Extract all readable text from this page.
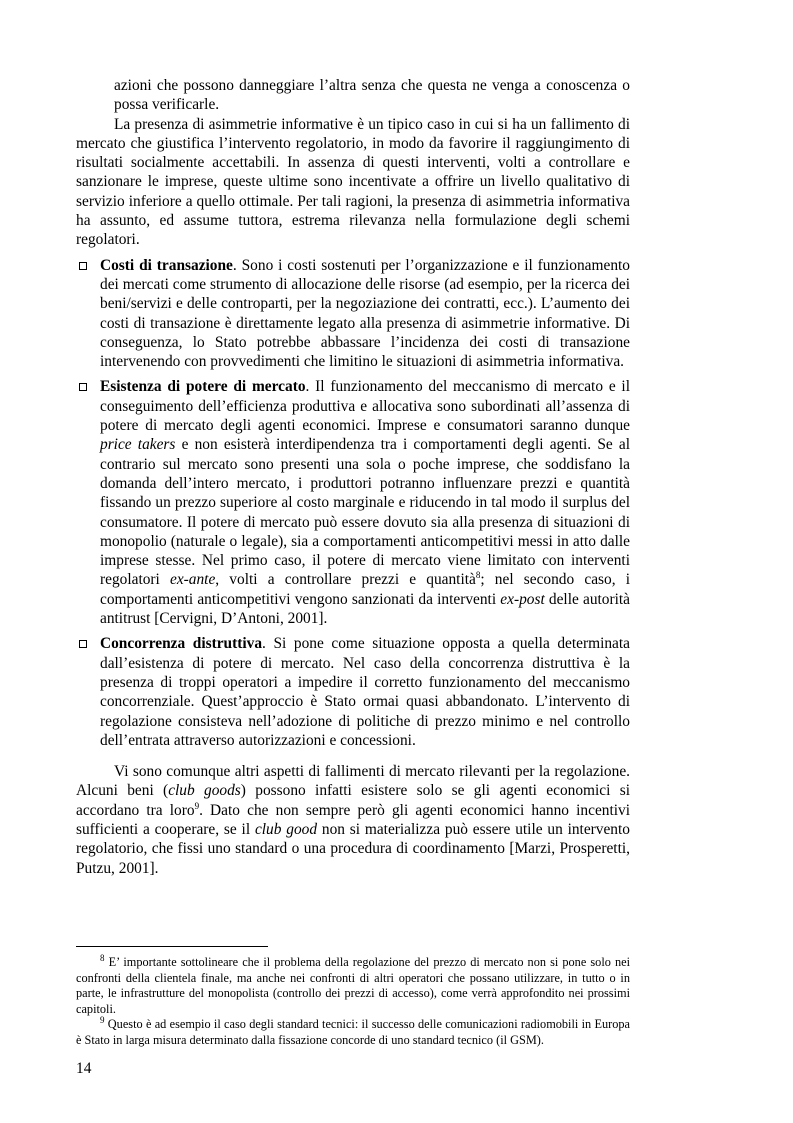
azioni che possono danneggiare l’altra senza che questa ne venga a conoscenza o possa verificarle.

La presenza di asimmetrie informative è un tipico caso in cui si ha un fallimento di mercato che giustifica l’intervento regolatorio, in modo da favorire il raggiungimento di risultati socialmente accettabili. In assenza di questi interventi, volti a controllare e sanzionare le imprese, queste ultime sono incentivate a offrire un livello qualitativo di servizio inferiore a quello ottimale. Per tali ragioni, la presenza di asimmetria informativa ha assunto, ed assume tuttora, estrema rilevanza nella formulazione degli schemi regolatori.

Costi di transazione. Sono i costi sostenuti per l’organizzazione e il funzionamento dei mercati come strumento di allocazione delle risorse (ad esempio, per la ricerca dei beni/servizi e delle controparti, per la negoziazione dei contratti, ecc.). L’aumento dei costi di transazione è direttamente legato alla presenza di asimmetrie informative. Di conseguenza, lo Stato potrebbe abbassare l’incidenza dei costi di transazione intervenendo con provvedimenti che limitino le situazioni di asimmetria informativa.

Esistenza di potere di mercato. Il funzionamento del meccanismo di mercato e il conseguimento dell’efficienza produttiva e allocativa sono subordinati all’assenza di potere di mercato degli agenti economici. Imprese e consumatori saranno dunque price takers e non esisterà interdipendenza tra i comportamenti degli agenti. Se al contrario sul mercato sono presenti una sola o poche imprese, che soddisfano la domanda dell’intero mercato, i produttori potranno influenzare prezzi e quantità fissando un prezzo superiore al costo marginale e riducendo in tal modo il surplus del consumatore. Il potere di mercato può essere dovuto sia alla presenza di situazioni di monopolio (naturale o legale), sia a comportamenti anticompetitivi messi in atto dalle imprese stesse. Nel primo caso, il potere di mercato viene limitato con interventi regolatori ex-ante, volti a controllare prezzi e quantità$^8$; nel secondo caso, i comportamenti anticompetitivi vengono sanzionati da interventi ex-post delle autorità antitrust [Cervigni, D’Antoni, 2001].

Concorrenza distruttiva. Si pone come situazione opposta a quella determinata dall’esistenza di potere di mercato. Nel caso della concorrenza distruttiva è la presenza di troppi operatori a impedire il corretto funzionamento del meccanismo concorrenziale. Quest’approccio è Stato ormai quasi abbandonato. L’intervento di regolazione consisteva nell’adozione di politiche di prezzo minimo e nel controllo dell’entrata attraverso autorizzazioni e concessioni.

Vi sono comunque altri aspetti di fallimenti di mercato rilevanti per la regolazione. Alcuni beni (club goods) possono infatti esistere solo se gli agenti economici si accordano tra loro$^9$. Dato che non sempre però gli agenti economici hanno incentivi sufficienti a cooperare, se il club good non si materializza può essere utile un intervento regolatorio, che fissi uno standard o una procedura di coordinamento [Marzi, Prosperetti, Putzu, 2001].

$^8$ E’ importante sottolineare che il problema della regolazione del prezzo di mercato non si pone solo nei confronti della clientela finale, ma anche nei confronti di altri operatori che possano utilizzare, in tutto o in parte, le infrastrutture del monopolista (controllo dei prezzi di accesso), come verrà approfondito nei prossimi capitoli.

$^9$ Questo è ad esempio il caso degli standard tecnici: il successo delle comunicazioni radiomobili in Europa è Stato in larga misura determinato dalla fissazione concorde di uno standard tecnico (il GSM).

14
